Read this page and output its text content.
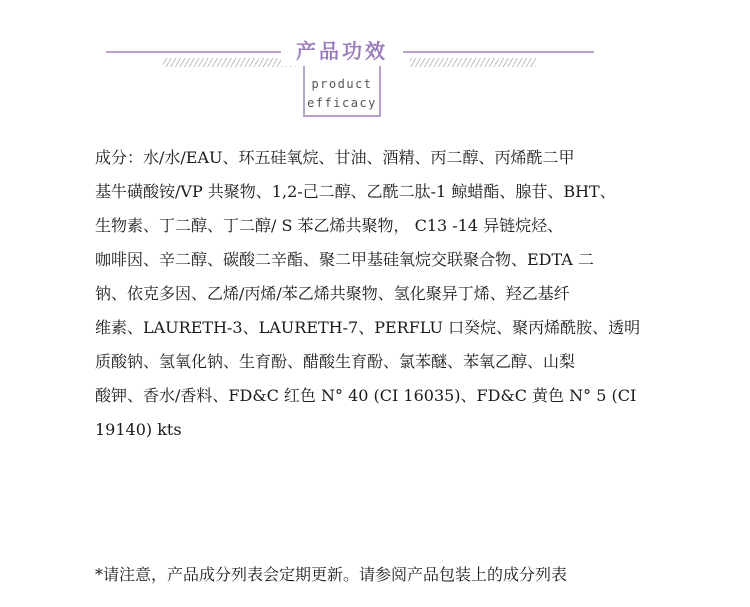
产品功效
product
efficacy
成分：水/水/EAU、环五硅氧烷、甘油、酒精、丙二醇、丙烯酰二甲
基牛磺酸铵/VP 共聚物、1,2-己二醇、乙酰二肽-1 鲸蜡酯、腺苷、BHT、
生物素、丁二醇、丁二醇/ S 苯乙烯共聚物， C13 -14 异链烷烃、
咖啡因、辛二醇、碳酸二辛酯、聚二甲基硅氧烷交联聚合物、EDTA 二
钠、依克多因、乙烯/丙烯/苯乙烯共聚物、氢化聚异丁烯、羟乙基纤
维素、LAURETH-3、LAURETH-7、PERFLU 口癸烷、聚丙烯酰胺、透明
质酸钠、氢氧化钠、生育酚、醋酸生育酚、氯苯醚、苯氧乙醇、山梨
酸钾、香水/香料、FD&C 红色 N° 40 (CI 16035)、FD&C 黄色 N° 5 (CI
19140) kts
*请注意，产品成分列表会定期更新。请参阅产品包装上的成分列表
